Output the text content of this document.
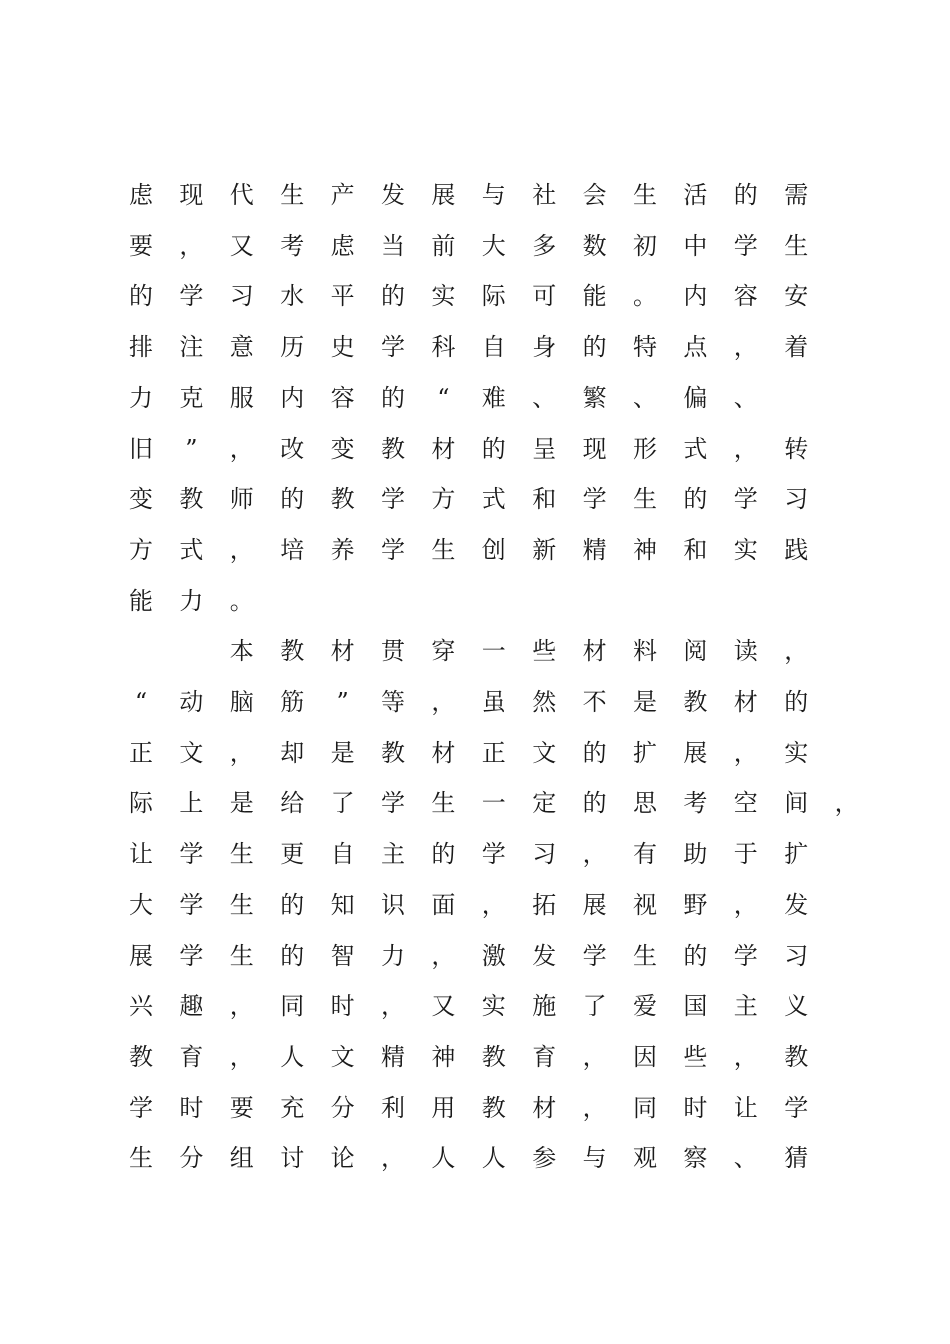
虑 现 代 生 产 发 展 与 社 会 生 活 的 需
要 ， 又 考 虑 当 前 大 多 数 初 中 学 生
的 学 习 水 平 的 实 际 可 能 。 内 容 安
排 注 意 历 史 学 科 自 身 的 特 点 ， 着
力 克 服 内 容 的 “ 难 、 繁 、 偏 、
旧 ” ， 改 变 教 材 的 呈 现 形 式 ， 转
变 教 师 的 教 学 方 式 和 学 生 的 学 习
方 式 ， 培 养 学 生 创 新 精 神 和 实 践
能 力 。

本 教 材 贯 穿 一 些 材 料 阅 读 ，
“ 动 脑 筋 ” 等 ， 虽 然 不 是 教 材 的
正 文 ， 却 是 教 材 正 文 的 扩 展 ， 实
际 上 是 给 了 学 生 一 定 的 思 考 空 间 ，
让 学 生 更 自 主 的 学 习 ， 有 助 于 扩
大 学 生 的 知 识 面 ， 拓 展 视 野 ， 发
展 学 生 的 智 力 ， 激 发 学 生 的 学 习
兴 趣 ， 同 时 ， 又 实 施 了 爱 国 主 义
教 育 ， 人 文 精 神 教 育 ， 因 些 ， 教
学 时 要 充 分 利 用 教 材 ， 同 时 让 学
生 分 组 讨 论 ， 人 人 参 与 观 察 、 猜
